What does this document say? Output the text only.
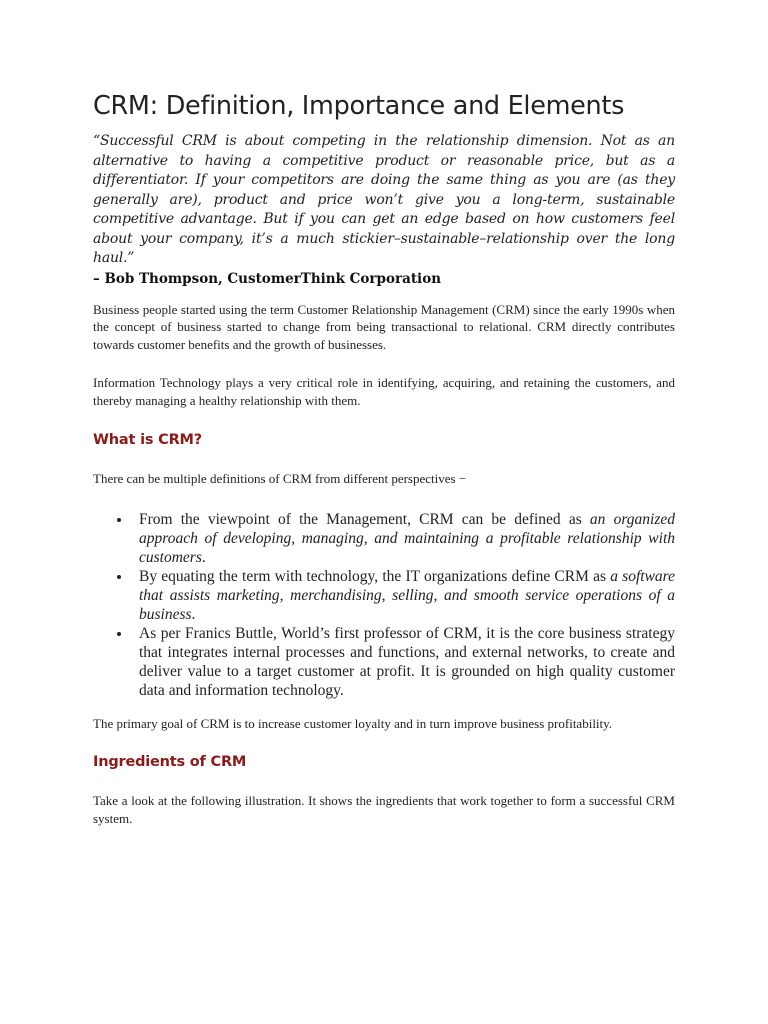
CRM: Definition, Importance and Elements

“Successful CRM is about competing in the relationship dimension. Not as an alternative to having a competitive product or reasonable price, but as a differentiator. If your competitors are doing the same thing as you are (as they generally are), product and price won’t give you a long-term, sustainable competitive advantage. But if you can get an edge based on how customers feel about your company, it’s a much stickier–sustainable–relationship over the long haul.”

– Bob Thompson, CustomerThink Corporation

Business people started using the term Customer Relationship Management (CRM) since the early 1990s when the concept of business started to change from being transactional to relational. CRM directly contributes towards customer benefits and the growth of businesses.

Information Technology plays a very critical role in identifying, acquiring, and retaining the customers, and thereby managing a healthy relationship with them.

What is CRM?

There can be multiple definitions of CRM from different perspectives −

From the viewpoint of the Management, CRM can be defined as an organized approach of developing, managing, and maintaining a profitable relationship with customers.
By equating the term with technology, the IT organizations define CRM as a software that assists marketing, merchandising, selling, and smooth service operations of a business.
As per Franics Buttle, World’s first professor of CRM, it is the core business strategy that integrates internal processes and functions, and external networks, to create and deliver value to a target customer at profit. It is grounded on high quality customer data and information technology.

The primary goal of CRM is to increase customer loyalty and in turn improve business profitability.

Ingredients of CRM

Take a look at the following illustration. It shows the ingredients that work together to form a successful CRM system.
